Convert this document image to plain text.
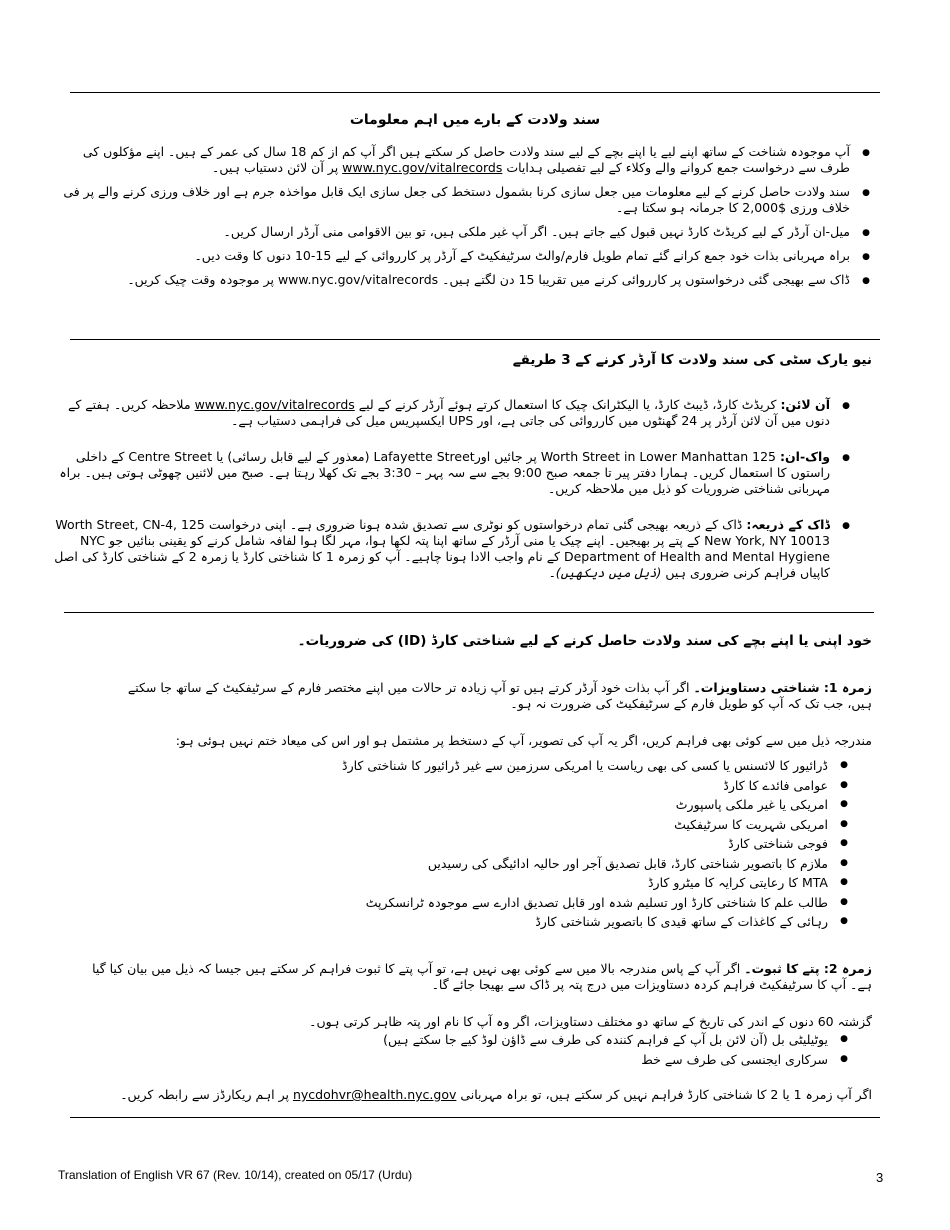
سند ولادت کے بارے میں اہم معلومات
● آپ موجودہ شناخت کے ساتھ اپنے لیے یا اپنے بچے کے لیے سند ولادت حاصل کر سکتے ہیں اگر آپ کم از کم 18 سال کی عمر کے ہیں۔ اپنے مؤکلوں کی طرف سے درخواست جمع کروانے والے وکلاء کے لیے تفصیلی ہدایات www.nyc.gov/vitalrecords پر آن لائن دستیاب ہیں۔
● سند ولادت حاصل کرنے کے لیے معلومات میں جعل سازی کرنا بشمول دستخط کی جعل سازی ایک قابل مواخذہ جرم ہے اور خلاف ورزی کرنے والے پر فی خلاف ورزی $2,000 کا جرمانہ ہو سکتا ہے۔
● میل-ان آرڈر کے لیے کریڈٹ کارڈ نہیں قبول کیے جاتے ہیں۔ اگر آپ غیر ملکی ہیں، تو بین الاقوامی منی آرڈر ارسال کریں۔
● براہ مہربانی بذات خود جمع کرانے گئے تمام طویل فارم/والٹ سرٹیفکیٹ کے آرڈر پر کارروائی کے لیے 15-10 دنوں کا وقت دیں۔
● ڈاک سے بھیجی گئی درخواستوں پر کارروائی کرنے میں تقریبا 15 دن لگتے ہیں۔ www.nyc.gov/vitalrecords پر موجودہ وقت چیک کریں۔
نیو یارک سٹی کی سند ولادت کا آرڈر کرنے کے 3 طریقے
● آن لائن: کریڈٹ کارڈ، ڈیبٹ کارڈ، یا الیکٹرانک چیک کا استعمال کرتے ہوئے آرڈر کرنے کے لیے www.nyc.gov/vitalrecords ملاحظہ کریں۔ ہفتے کے دنوں میں آن لائن آرڈر پر 24 گھنٹوں میں کارروائی کی جاتی ہے، اور UPS ایکسپریس میل کی فراہمی دستیاب ہے۔
● واک-ان: 125 Worth Street in Lower Manhattan پر جائیں اورLafayette Street (معذور کے لیے قابل رسائی) یا Centre Street کے داخلی راستوں کا استعمال کریں۔ ہمارا دفتر پیر تا جمعہ صبح 9:00 بجے سے سہ پہر – 3:30 بجے تک کھلا رہتا ہے۔ صبح میں لائنیں چھوٹی ہوتی ہیں۔ براہ مہربانی شناختی ضروریات کو ذیل میں ملاحظہ کریں۔
● ڈاک کے ذریعہ: ڈاک کے ذریعہ بھیجی گئی تمام درخواستوں کو نوٹری سے تصدیق شدہ ہونا ضروری ہے۔ اپنی درخواست 125 Worth Street, CN-4, New York, NY 10013 کے پتے پر بھیجیں۔ اپنے چیک یا منی آرڈر کے ساتھ اپنا پتہ لکھا ہوا، مہر لگا ہوا لفافہ شامل کرنے کو یقینی بنائیں جو NYC Department of Health and Mental Hygiene کے نام واجب الادا ہونا چاہیے۔ آپ کو زمرہ 1 کا شناختی کارڈ یا زمرہ 2 کے شناختی کارڈ کی اصل کاپیاں فراہم کرنی ضروری ہیں (ذیل میں دیکھیں)۔
خود اپنی یا اپنے بچے کی سند ولادت حاصل کرنے کے لیے شناختی کارڈ (ID) کی ضروریات۔
زمرہ 1: شناختی دستاویزات۔ اگر آپ بذات خود آرڈر کرتے ہیں تو آپ زیادہ تر حالات میں اپنے مختصر فارم کے سرٹیفکیٹ کے ساتھ جا سکتے ہیں، جب تک کہ آپ کو طویل فارم کے سرٹیفکیٹ کی ضرورت نہ ہو۔
مندرجہ ذیل میں سے کوئی بھی فراہم کریں، اگر یہ آپ کی تصویر، آپ کے دستخط پر مشتمل ہو اور اس کی میعاد ختم نہیں ہوئی ہو:
● ڈرائیور کا لائسنس یا کسی کی بھی ریاست یا امریکی سرزمین سے غیر ڈرائیور کا شناختی کارڈ
● عوامی فائدے کا کارڈ
● امریکی یا غیر ملکی پاسپورٹ
● امریکی شہریت کا سرٹیفکیٹ
● فوجی شناختی کارڈ
● ملازم کا باتصویر شناختی کارڈ، قابل تصدیق آجر اور حالیہ ادائیگی کی رسیدیں
● MTA کا رعایتی کرایہ کا میٹرو کارڈ
● طالب علم کا شناختی کارڈ اور تسلیم شدہ اور قابل تصدیق ادارے سے موجودہ ٹرانسکرپٹ
● رہائی کے کاغذات کے ساتھ قیدی کا باتصویر شناختی کارڈ
زمرہ 2: پتے کا ثبوت۔ اگر آپ کے پاس مندرجہ بالا میں سے کوئی بھی نہیں ہے، تو آپ پتے کا ثبوت فراہم کر سکتے ہیں جیسا کہ ذیل میں بیان کیا گیا ہے۔ آپ کا سرٹیفکیٹ فراہم کردہ دستاویزات میں درج پتہ پر ڈاک سے بھیجا جائے گا۔
گزشتہ 60 دنوں کے اندر کی تاریخ کے ساتھ دو مختلف دستاویزات، اگر وہ آپ کا نام اور پتہ ظاہر کرتی ہوں۔
● یوٹیلیٹی بل (آن لائن بل آپ کے فراہم کنندہ کی طرف سے ڈاؤن لوڈ کیے جا سکتے ہیں)
● سرکاری ایجنسی کی طرف سے خط
اگر آپ زمرہ 1 یا 2 کا شناختی کارڈ فراہم نہیں کر سکتے ہیں، تو براہ مہربانی nycdohvr@health.nyc.gov پر اہم ریکارڈز سے رابطہ کریں۔
Translation of English VR 67 (Rev. 10/14), created on 05/17 (Urdu)	3
